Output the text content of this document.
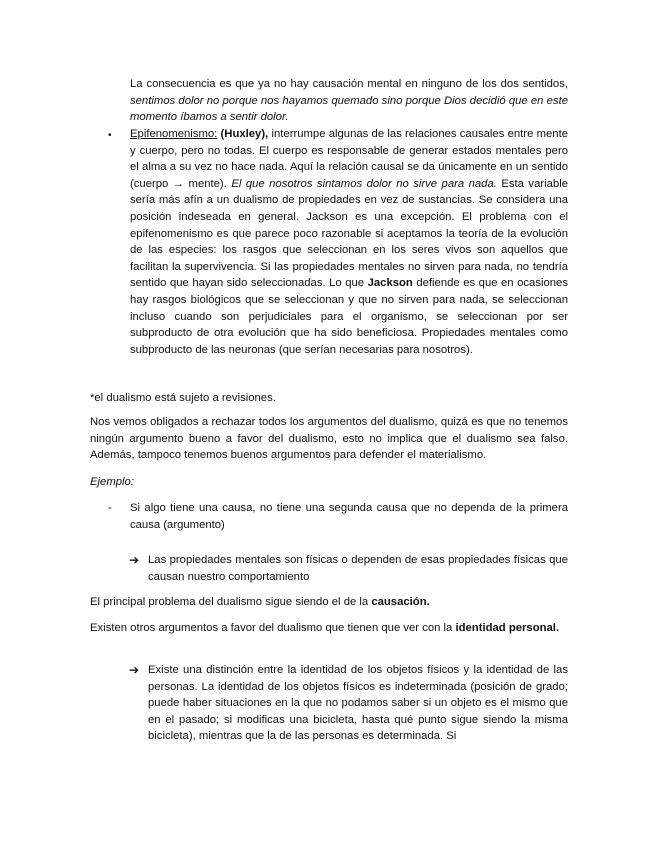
La consecuencia es que ya no hay causación mental en ninguno de los dos sentidos, sentimos dolor no porque nos hayamos quemado sino porque Dios decidió que en este momento íbamos a sentir dolor.

• Epifenomenismo: (Huxley), interrumpe algunas de las relaciones causales entre mente y cuerpo, pero no todas. El cuerpo es responsable de generar estados mentales pero el alma a su vez no hace nada. Aquí la relación causal se da únicamente en un sentido (cuerpo → mente). El que nosotros sintamos dolor no sirve para nada. Esta variable sería más afín a un dualismo de propiedades en vez de sustancias. Se considera una posición indeseada en general. Jackson es una excepción. El problema con el epifenomenismo es que parece poco razonable si aceptamos la teoría de la evolución de las especies: los rasgos que seleccionan en los seres vivos son aquellos que facilitan la supervivencia. Si las propiedades mentales no sirven para nada, no tendría sentido que hayan sido seleccionadas. Lo que Jackson defiende es que en ocasiones hay rasgos biológicos que se seleccionan y que no sirven para nada, se seleccionan incluso cuando son perjudiciales para el organismo, se seleccionan por ser subproducto de otra evolución que ha sido beneficiosa. Propiedades mentales como subproducto de las neuronas (que serían necesarias para nosotros).

*el dualismo está sujeto a revisiones.

Nos vemos obligados a rechazar todos los argumentos del dualismo, quizá es que no tenemos ningún argumento bueno a favor del dualismo, esto no implica que el dualismo sea falso. Además, tampoco tenemos buenos argumentos para defender el materialismo.

Ejemplo:

- Si algo tiene una causa, no tiene una segunda causa que no dependa de la primera causa (argumento)

➔ Las propiedades mentales son físicas o dependen de esas propiedades físicas que causan nuestro comportamiento

El principal problema del dualismo sigue siendo el de la causación.

Existen otros argumentos a favor del dualismo que tienen que ver con la identidad personal.

➔ Existe una distinción entre la identidad de los objetos físicos y la identidad de las personas. La identidad de los objetos físicos es indeterminada (posición de grado; puede haber situaciones en la que no podamos saber si un objeto es el mismo que en el pasado; si modificas una bicicleta, hasta qué punto sigue siendo la misma bicicleta), mientras que la de las personas es determinada. Si
